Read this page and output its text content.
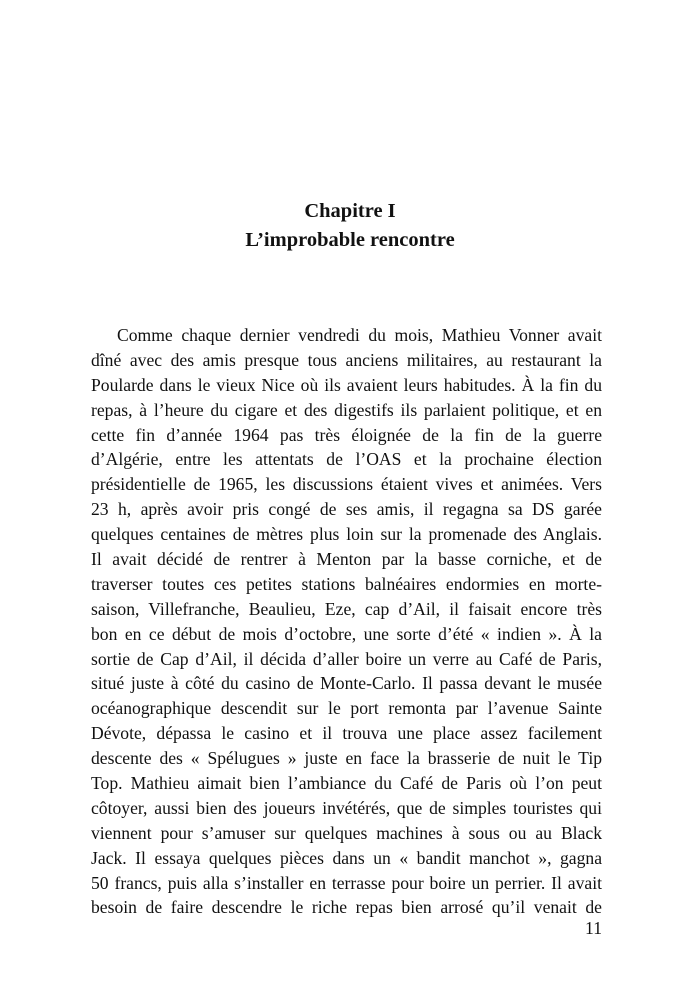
Chapitre I
L’improbable rencontre
Comme chaque dernier vendredi du mois, Mathieu Vonner avait
dîné avec des amis presque tous anciens militaires, au restaurant la
Poularde dans le vieux Nice où ils avaient leurs habitudes. À la fin du
repas, à l’heure du cigare et des digestifs ils parlaient politique, et en
cette fin d’année 1964 pas très éloignée de la fin de la guerre
d’Algérie, entre les attentats de l’OAS et la prochaine élection
présidentielle de 1965, les discussions étaient vives et animées. Vers
23 h, après avoir pris congé de ses amis, il regagna sa DS garée
quelques centaines de mètres plus loin sur la promenade des Anglais.
Il avait décidé de rentrer à Menton par la basse corniche, et de
traverser toutes ces petites stations balnéaires endormies en morte-
saison, Villefranche, Beaulieu, Eze, cap d’Ail, il faisait encore très
bon en ce début de mois d’octobre, une sorte d’été « indien ». À la
sortie de Cap d’Ail, il décida d’aller boire un verre au Café de Paris,
situé juste à côté du casino de Monte-Carlo. Il passa devant le musée
océanographique descendit sur le port remonta par l’avenue Sainte
Dévote, dépassa le casino et il trouva une place assez facilement
descente des « Spélugues » juste en face la brasserie de nuit le Tip
Top. Mathieu aimait bien l’ambiance du Café de Paris où l’on peut
côtoyer, aussi bien des joueurs invétérés, que de simples touristes qui
viennent pour s’amuser sur quelques machines à sous ou au Black
Jack. Il essaya quelques pièces dans un « bandit manchot », gagna
50 francs, puis alla s’installer en terrasse pour boire un perrier. Il avait
besoin de faire descendre le riche repas bien arrosé qu’il venait de
11
